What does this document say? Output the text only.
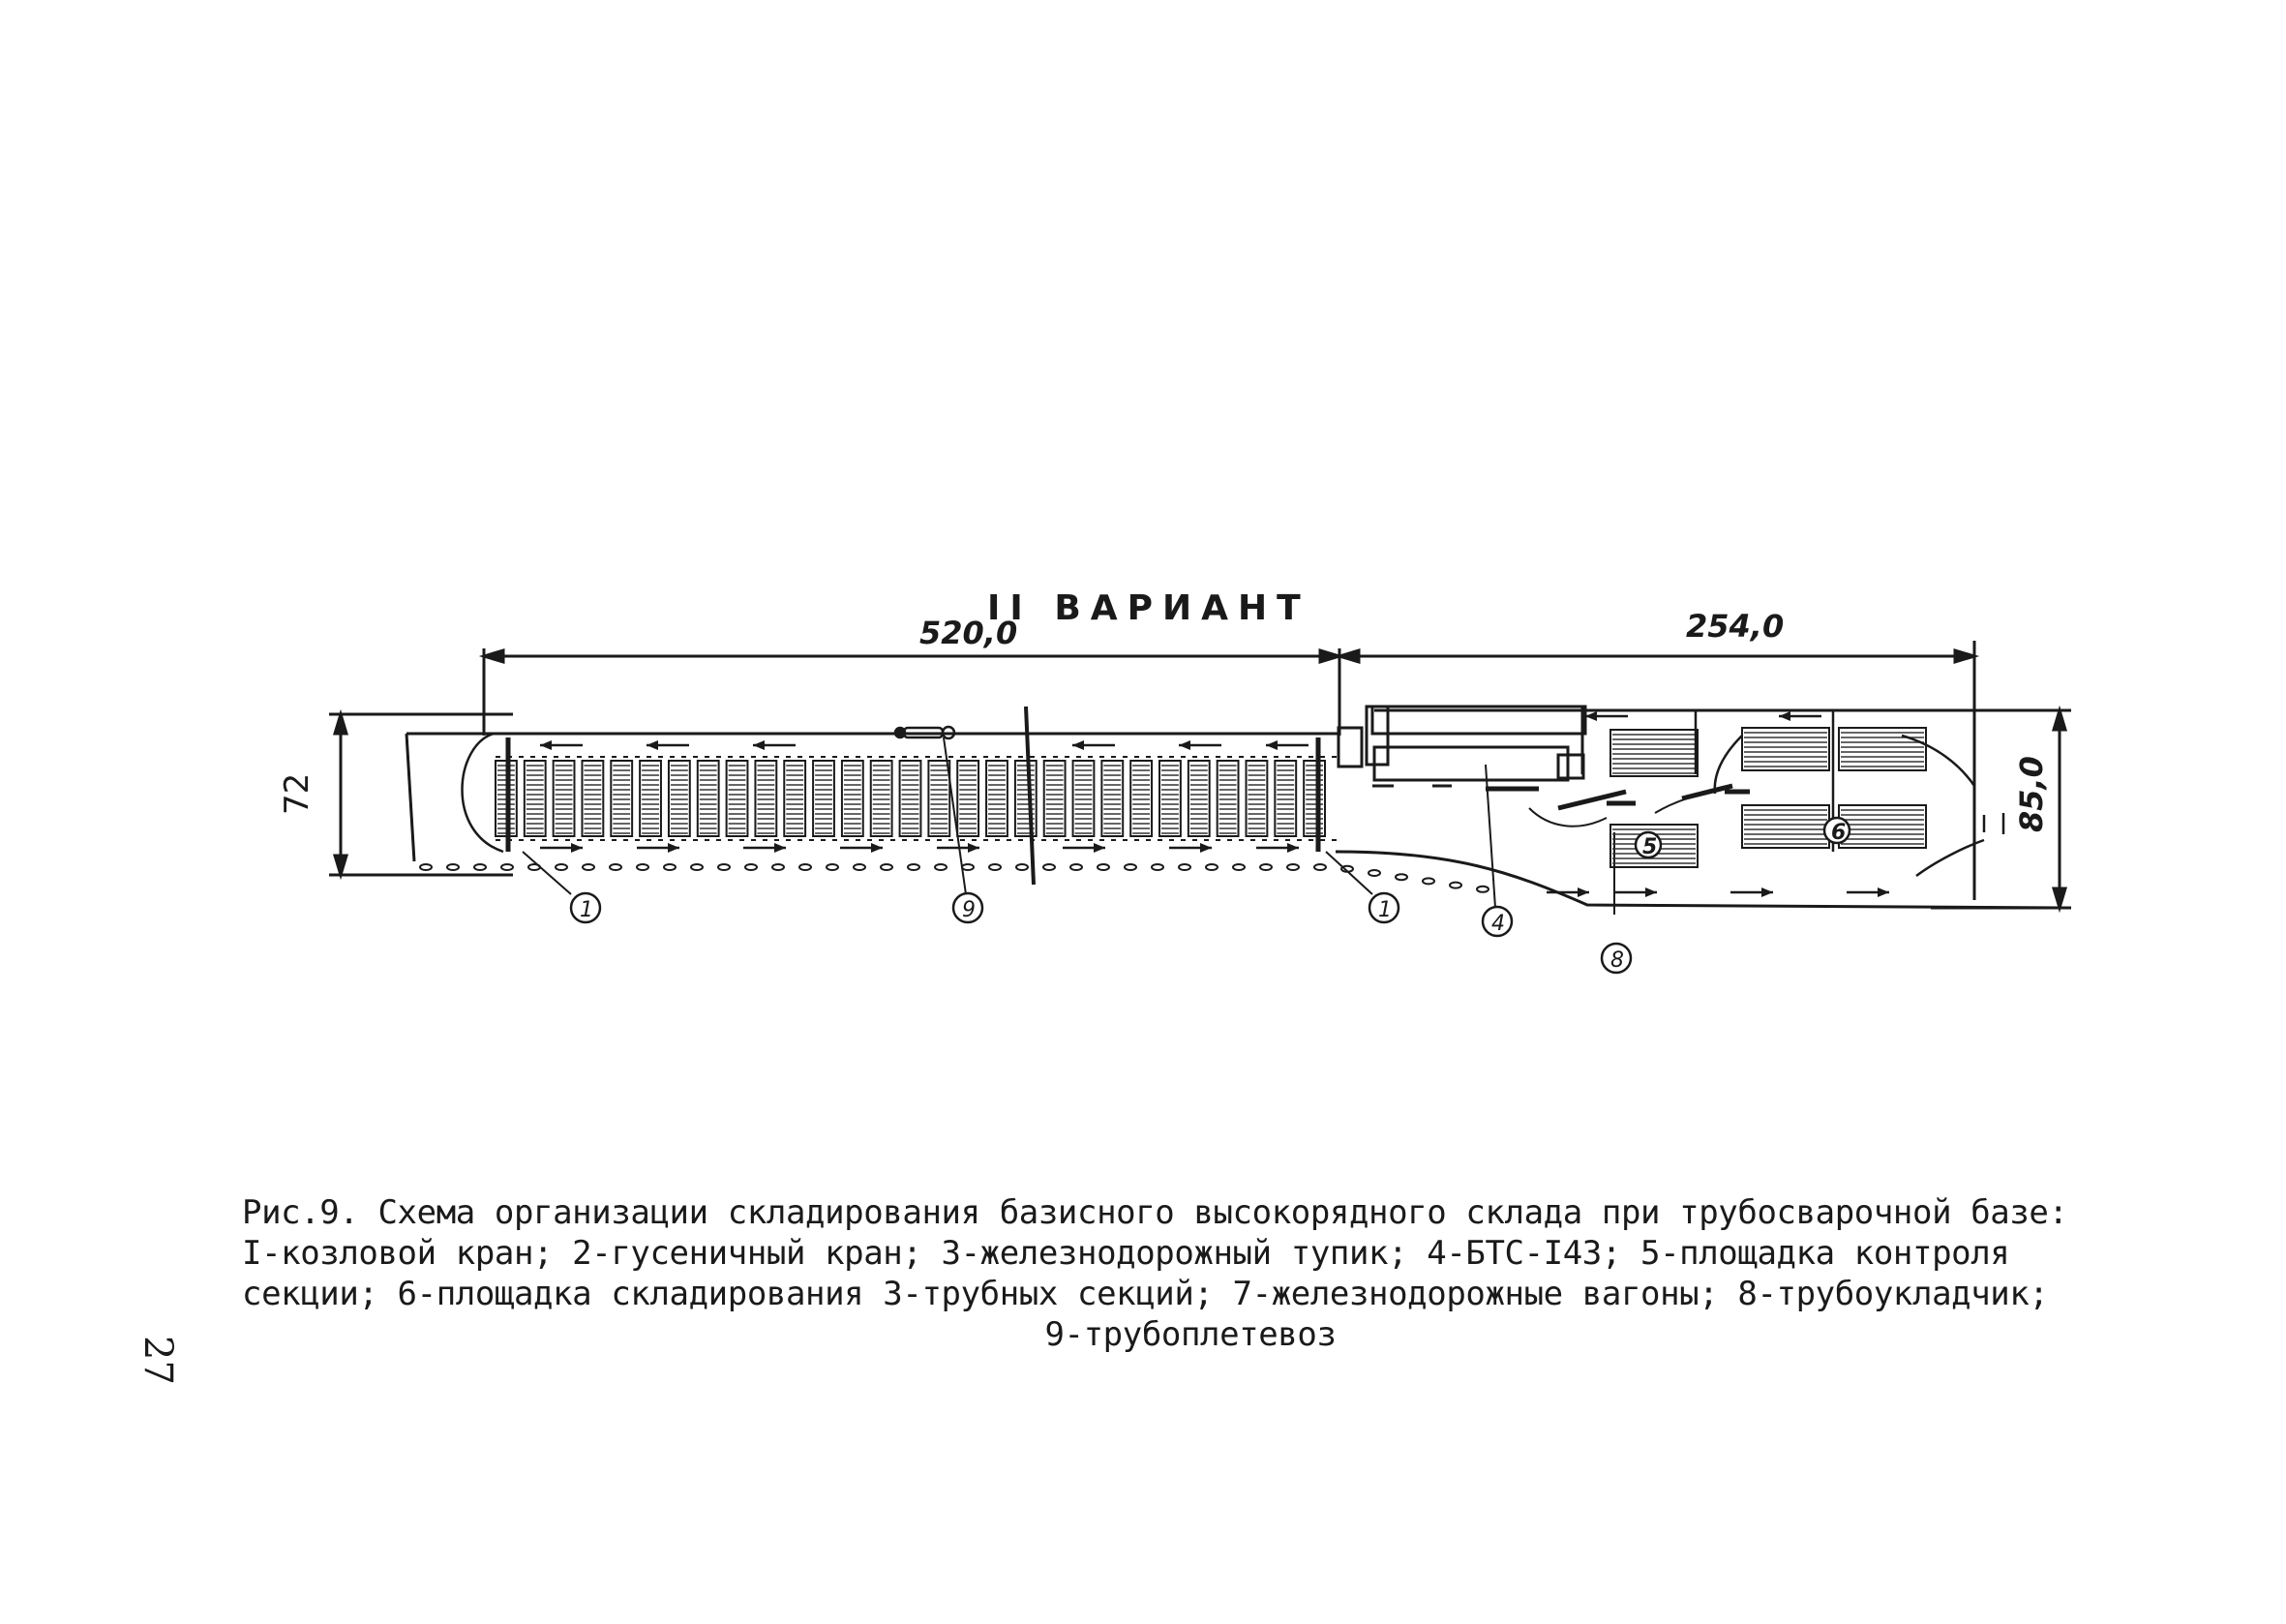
II ВАРИАНТ
520,0	254,0
72	85,0
5
6
1	9	1
4
8
Рис.9. Схема организации складирования базисного высокорядного склада при трубосварочной базе:
I-козловой кран; 2-гусеничный кран; 3-железнодорожный тупик; 4-БТС-I43; 5-площадка контроля
секции; 6-площадка складирования 3-трубных секций; 7-железнодорожные вагоны; 8-трубоукладчик;
9-трубоплетевоз
27
